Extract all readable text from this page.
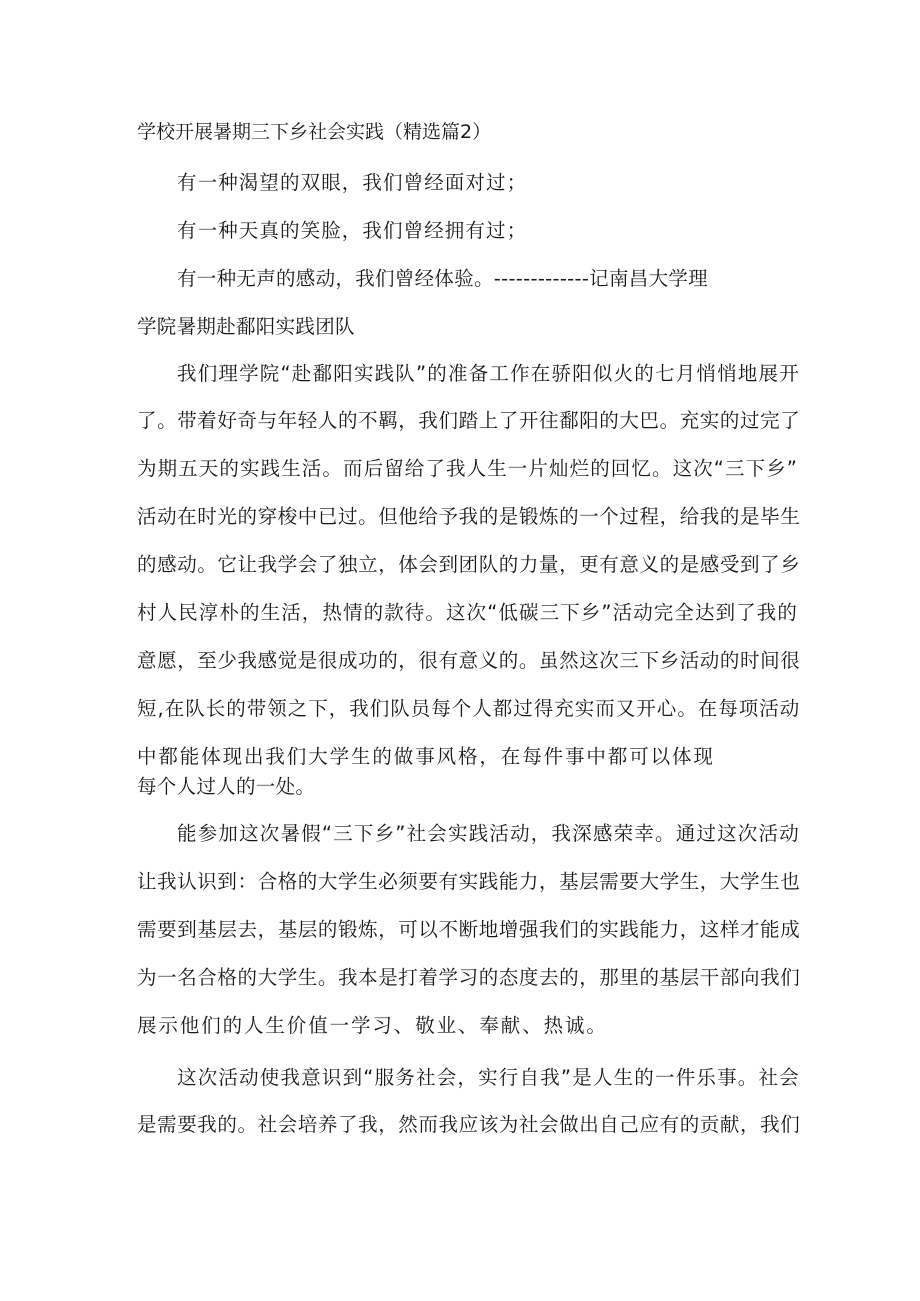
学校开展暑期三下乡社会实践（精选篇2）

有一种渴望的双眼，我们曾经面对过；

有一种天真的笑脸，我们曾经拥有过；

有一种无声的感动，我们曾经体验。-------------记南昌大学理

学院暑期赴鄱阳实践团队

我们理学院“赴鄱阳实践队”的准备工作在骄阳似火的七月悄悄地展开

了。带着好奇与年轻人的不羁，我们踏上了开往鄱阳的大巴。充实的过完了

为期五天的实践生活。而后留给了我人生一片灿烂的回忆。这次“三下乡”

活动在时光的穿梭中已过。但他给予我的是锻炼的一个过程，给我的是毕生

的感动。它让我学会了独立，体会到团队的力量，更有意义的是感受到了乡

村人民淳朴的生活，热情的款待。这次“低碳三下乡”活动完全达到了我的

意愿，至少我感觉是很成功的，很有意义的。虽然这次三下乡活动的时间很

短,在队长的带领之下，我们队员每个人都过得充实而又开心。在每项活动

中都能体现出我们大学生的做事风格，在每件事中都可以体现

每个人过人的一处。

能参加这次暑假“三下乡”社会实践活动，我深感荣幸。通过这次活动

让我认识到：合格的大学生必须要有实践能力，基层需要大学生，大学生也

需要到基层去，基层的锻炼，可以不断地增强我们的实践能力，这样才能成

为一名合格的大学生。我本是打着学习的态度去的，那里的基层干部向我们

展示他们的人生价值一学习、敬业、奉献、热诚。

这次活动使我意识到“服务社会，实行自我”是人生的一件乐事。社会

是需要我的。社会培养了我，然而我应该为社会做出自己应有的贡献，我们
